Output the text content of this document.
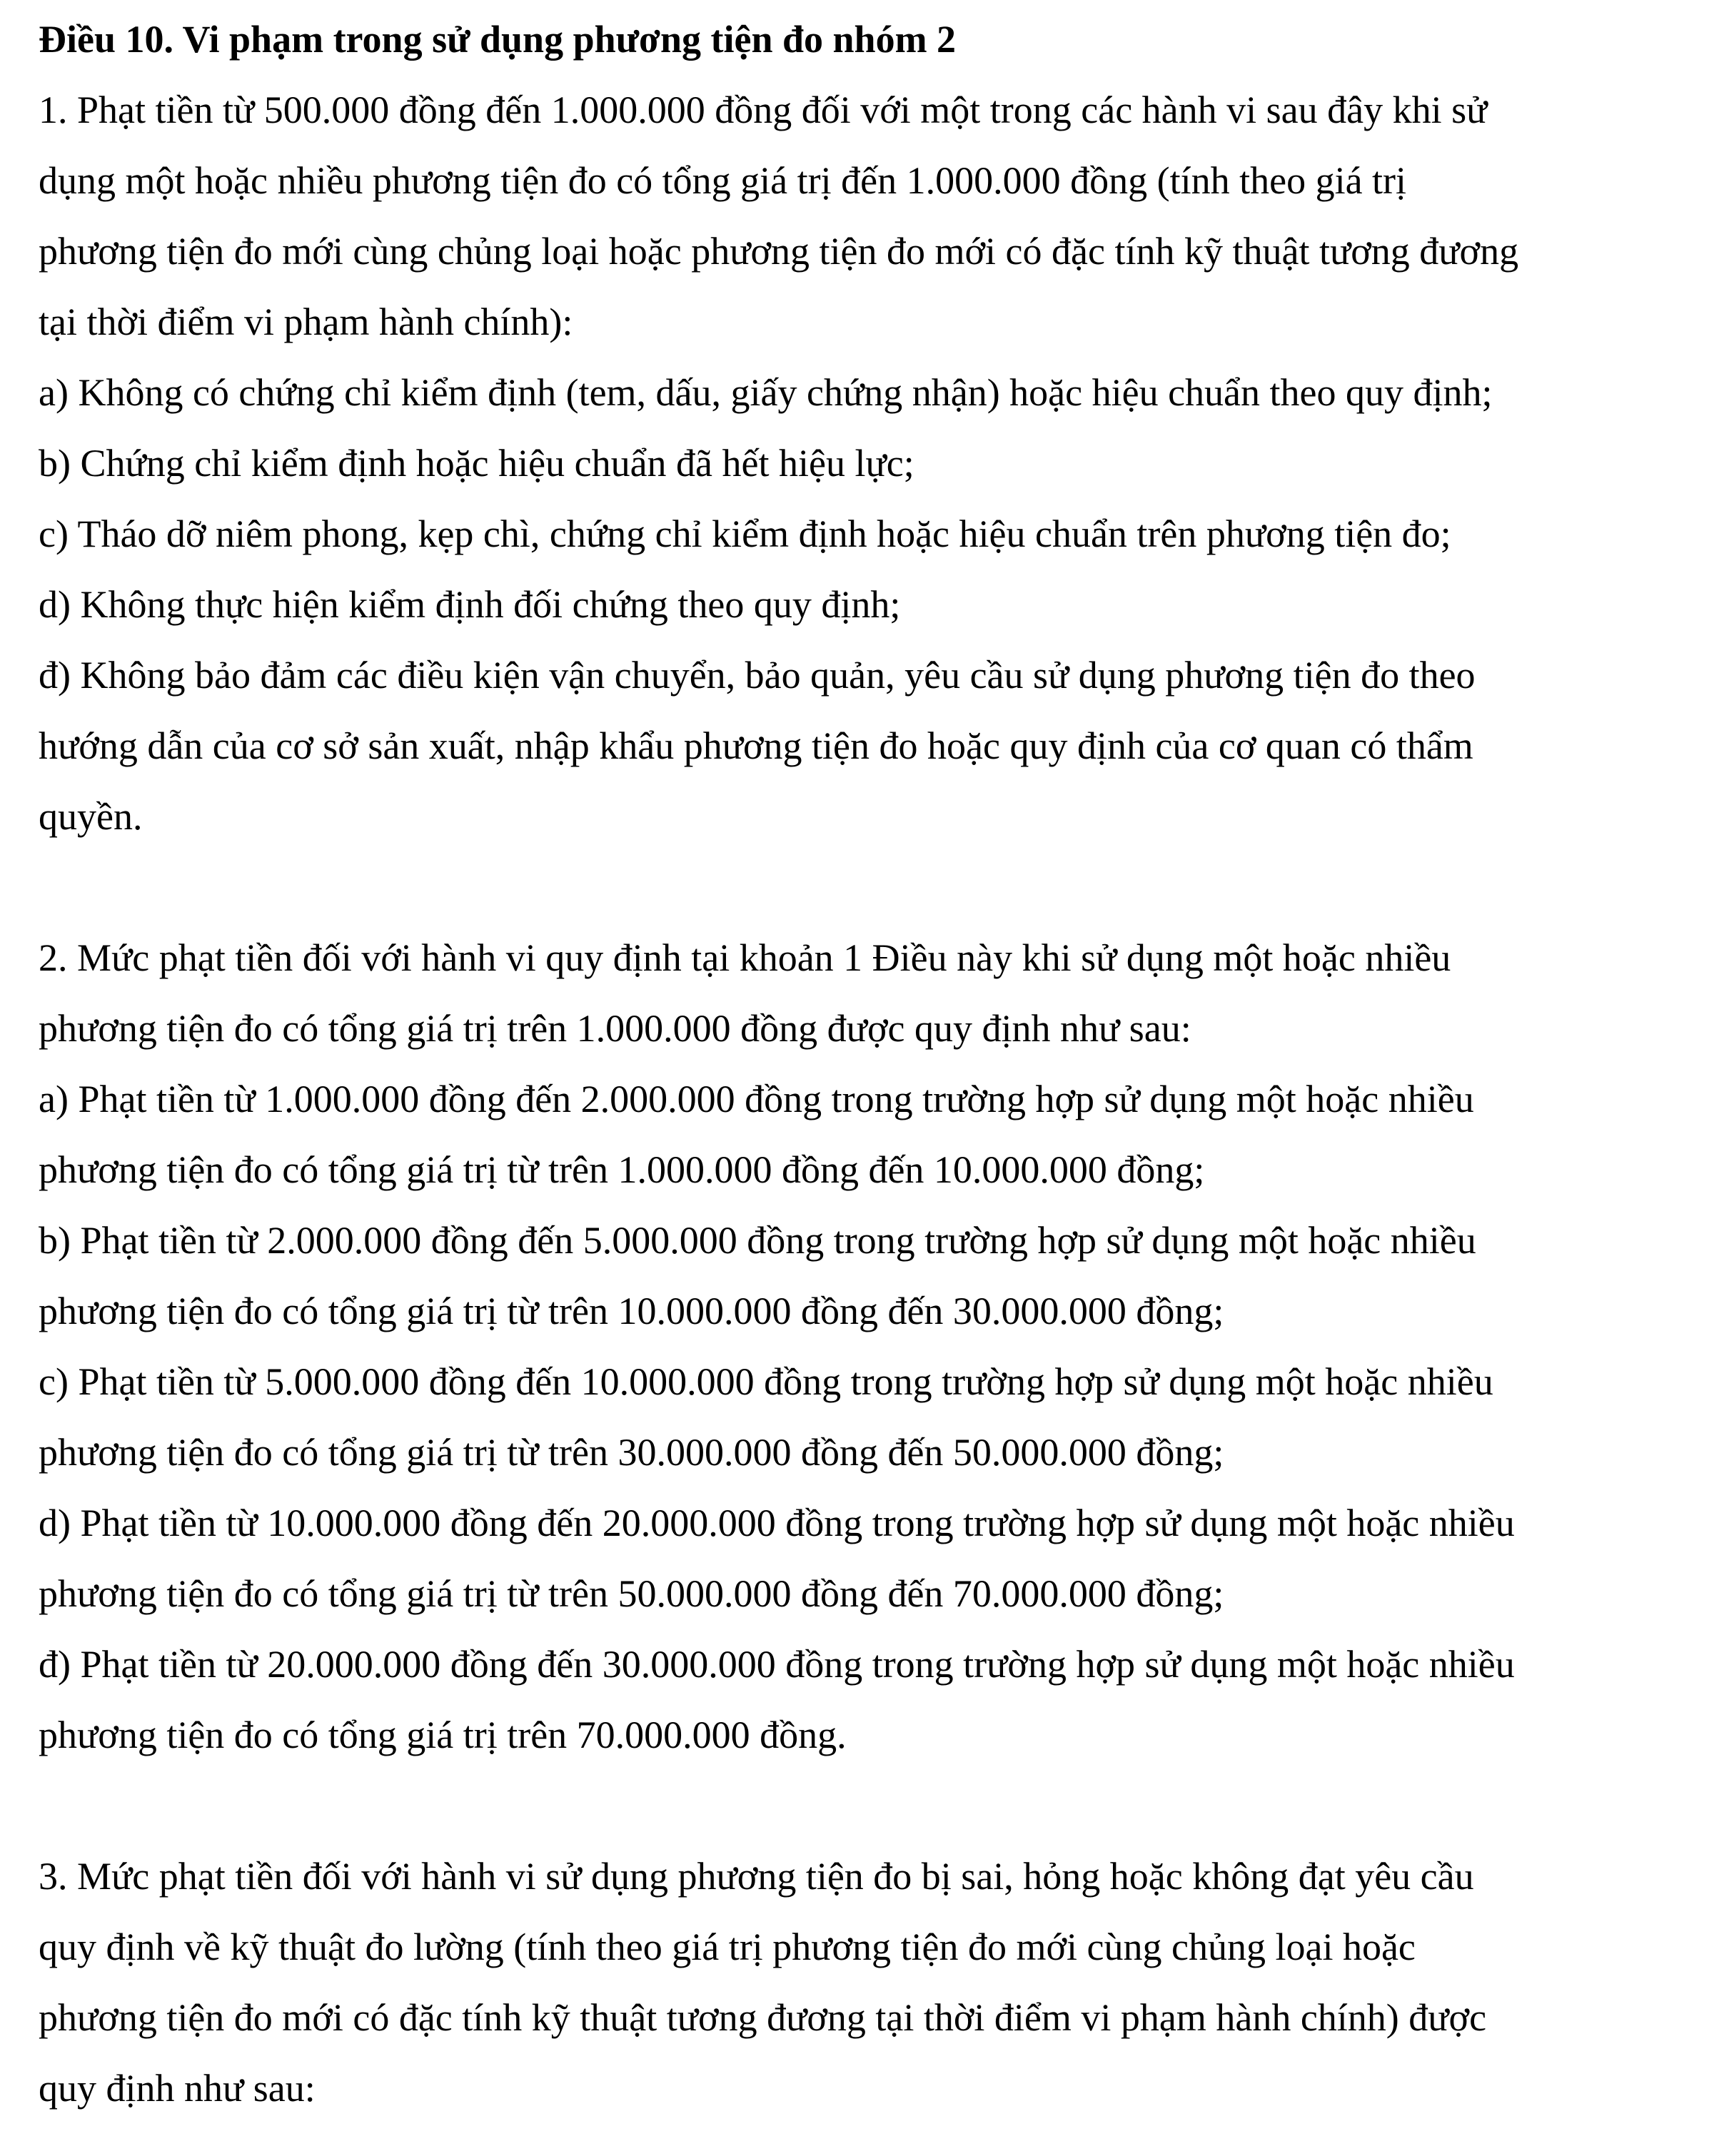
Điều 10. Vi phạm trong sử dụng phương tiện đo nhóm 2

1. Phạt tiền từ 500.000 đồng đến 1.000.000 đồng đối với một trong các hành vi sau đây khi sử

dụng một hoặc nhiều phương tiện đo có tổng giá trị đến 1.000.000 đồng (tính theo giá trị

phương tiện đo mới cùng chủng loại hoặc phương tiện đo mới có đặc tính kỹ thuật tương đương

tại thời điểm vi phạm hành chính):

a) Không có chứng chỉ kiểm định (tem, dấu, giấy chứng nhận) hoặc hiệu chuẩn theo quy định;

b) Chứng chỉ kiểm định hoặc hiệu chuẩn đã hết hiệu lực;

c) Tháo dỡ niêm phong, kẹp chì, chứng chỉ kiểm định hoặc hiệu chuẩn trên phương tiện đo;

d) Không thực hiện kiểm định đối chứng theo quy định;

đ) Không bảo đảm các điều kiện vận chuyển, bảo quản, yêu cầu sử dụng phương tiện đo theo

hướng dẫn của cơ sở sản xuất, nhập khẩu phương tiện đo hoặc quy định của cơ quan có thẩm

quyền.

2. Mức phạt tiền đối với hành vi quy định tại khoản 1 Điều này khi sử dụng một hoặc nhiều

phương tiện đo có tổng giá trị trên 1.000.000 đồng được quy định như sau:

a) Phạt tiền từ 1.000.000 đồng đến 2.000.000 đồng trong trường hợp sử dụng một hoặc nhiều

phương tiện đo có tổng giá trị từ trên 1.000.000 đồng đến 10.000.000 đồng;

b) Phạt tiền từ 2.000.000 đồng đến 5.000.000 đồng trong trường hợp sử dụng một hoặc nhiều

phương tiện đo có tổng giá trị từ trên 10.000.000 đồng đến 30.000.000 đồng;

c) Phạt tiền từ 5.000.000 đồng đến 10.000.000 đồng trong trường hợp sử dụng một hoặc nhiều

phương tiện đo có tổng giá trị từ trên 30.000.000 đồng đến 50.000.000 đồng;

d) Phạt tiền từ 10.000.000 đồng đến 20.000.000 đồng trong trường hợp sử dụng một hoặc nhiều

phương tiện đo có tổng giá trị từ trên 50.000.000 đồng đến 70.000.000 đồng;

đ) Phạt tiền từ 20.000.000 đồng đến 30.000.000 đồng trong trường hợp sử dụng một hoặc nhiều

phương tiện đo có tổng giá trị trên 70.000.000 đồng.

3. Mức phạt tiền đối với hành vi sử dụng phương tiện đo bị sai, hỏng hoặc không đạt yêu cầu

quy định về kỹ thuật đo lường (tính theo giá trị phương tiện đo mới cùng chủng loại hoặc

phương tiện đo mới có đặc tính kỹ thuật tương đương tại thời điểm vi phạm hành chính) được

quy định như sau:
